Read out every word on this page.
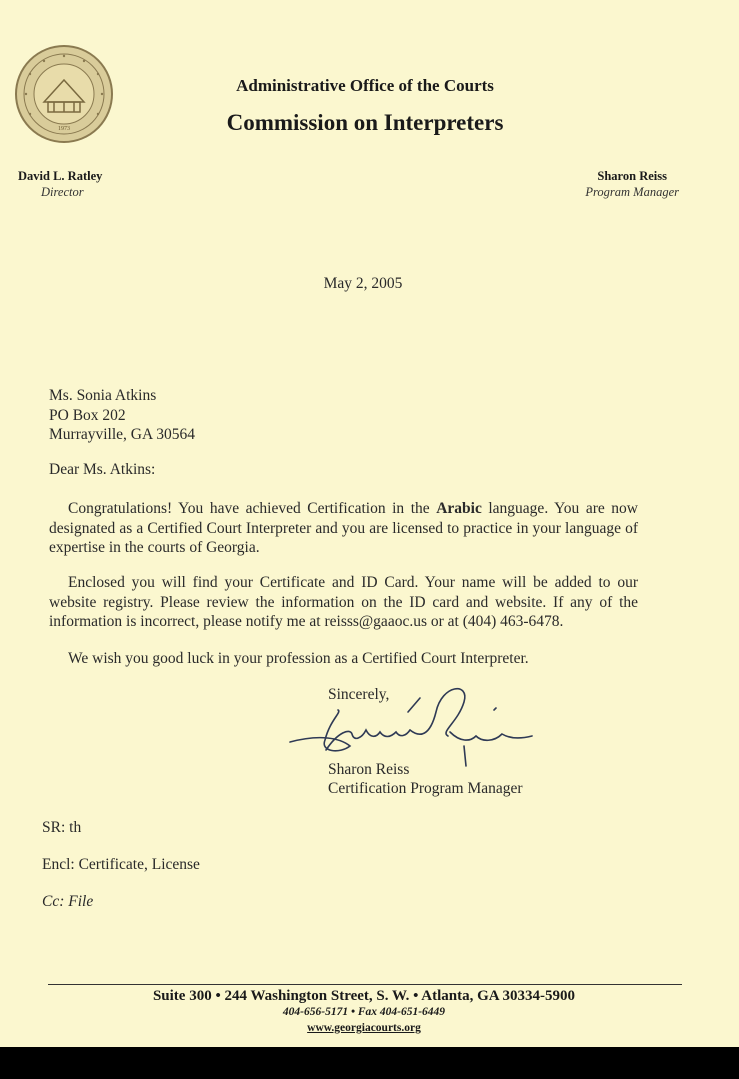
1973
Administrative Office of the Courts
Commission on Interpreters
David L. Ratley
Director
Sharon Reiss
Program Manager
May 2, 2005
Ms. Sonia Atkins
PO Box 202
Murrayville, GA 30564
Dear Ms. Atkins:
Congratulations! You have achieved Certification in the Arabic language. You are now designated as a Certified Court Interpreter and you are licensed to practice in your language of expertise in the courts of Georgia.
Enclosed you will find your Certificate and ID Card. Your name will be added to our website registry. Please review the information on the ID card and website. If any of the information is incorrect, please notify me at reisss@gaaoc.us or at (404) 463-6478.
We wish you good luck in your profession as a Certified Court Interpreter.
Sincerely,
Sharon Reiss
Certification Program Manager
SR: th
Encl: Certificate, License
Cc: File
Suite 300 • 244 Washington Street, S. W. • Atlanta, GA 30334-5900
404-656-5171 • Fax 404-651-6449
www.georgiacourts.org
